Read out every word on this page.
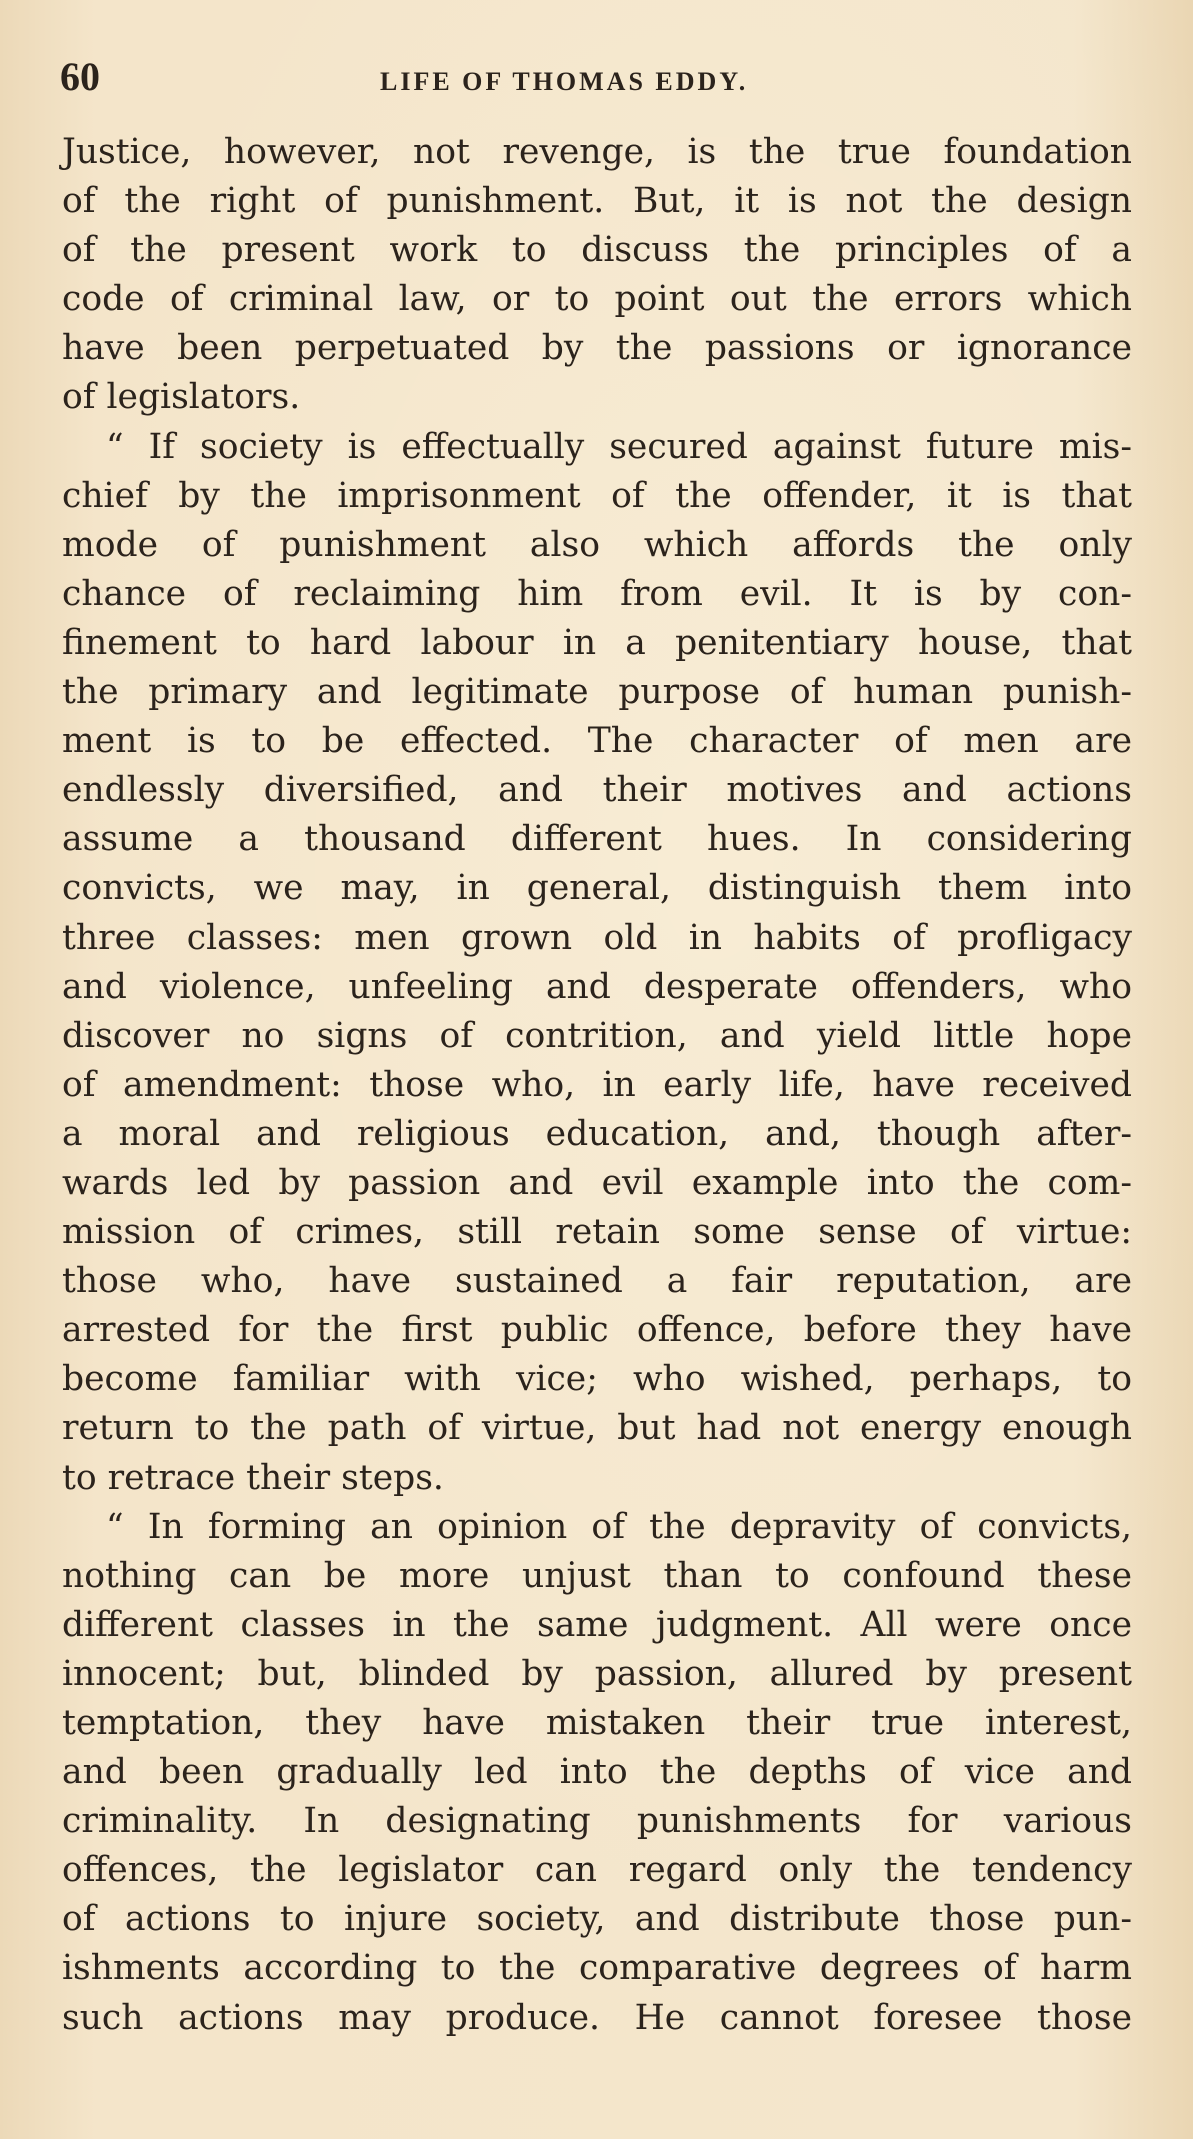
60	LIFE OF THOMAS EDDY.
Justice, however, not revenge, is the true foundation
of the right of punishment. But, it is not the design
of the present work to discuss the principles of a
code of criminal law, or to point out the errors which
have been perpetuated by the passions or ignorance
of legislators.
“ If society is effectually secured against future mis-
chief by the imprisonment of the offender, it is that
mode of punishment also which affords the only
chance of reclaiming him from evil. It is by con-
finement to hard labour in a penitentiary house, that
the primary and legitimate purpose of human punish-
ment is to be effected. The character of men are
endlessly diversified, and their motives and actions
assume a thousand different hues. In considering
convicts, we may, in general, distinguish them into
three classes: men grown old in habits of profligacy
and violence, unfeeling and desperate offenders, who
discover no signs of contrition, and yield little hope
of amendment: those who, in early life, have received
a moral and religious education, and, though after-
wards led by passion and evil example into the com-
mission of crimes, still retain some sense of virtue:
those who, have sustained a fair reputation, are
arrested for the first public offence, before they have
become familiar with vice; who wished, perhaps, to
return to the path of virtue, but had not energy enough
to retrace their steps.
“ In forming an opinion of the depravity of convicts,
nothing can be more unjust than to confound these
different classes in the same judgment. All were once
innocent; but, blinded by passion, allured by present
temptation, they have mistaken their true interest,
and been gradually led into the depths of vice and
criminality. In designating punishments for various
offences, the legislator can regard only the tendency
of actions to injure society, and distribute those pun-
ishments according to the comparative degrees of harm
such actions may produce. He cannot foresee those
